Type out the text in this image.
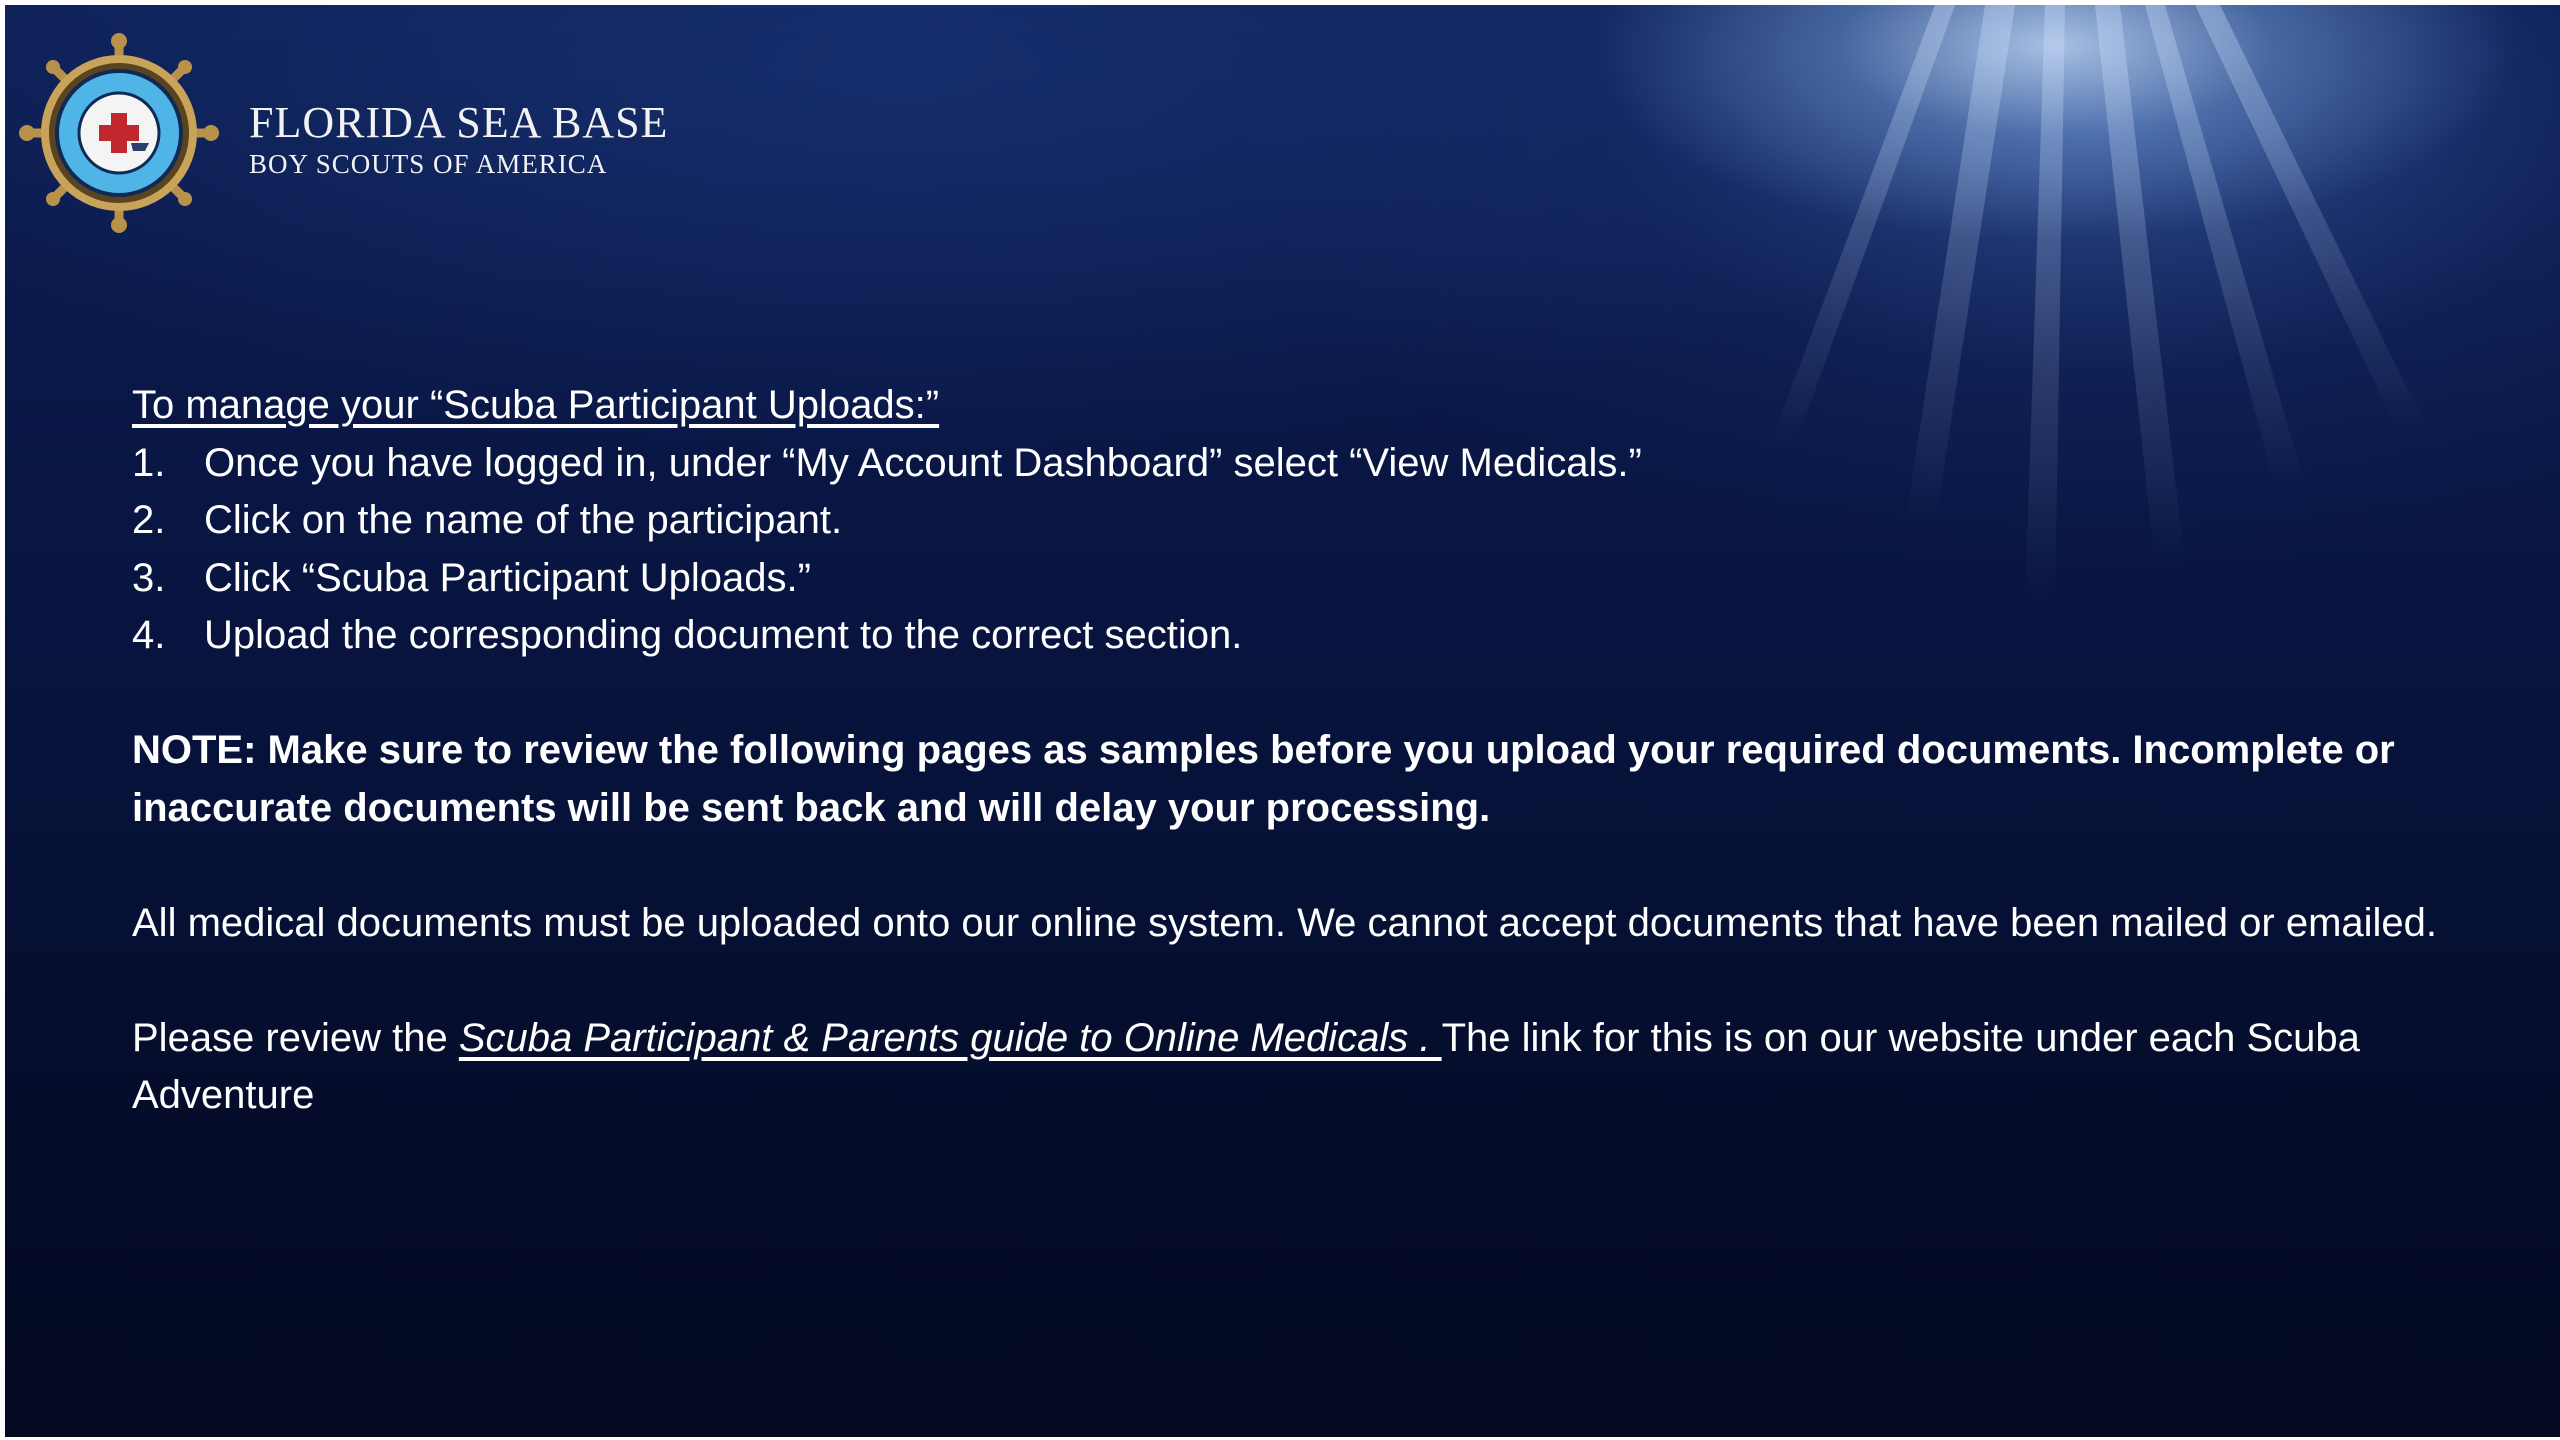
FLORIDA SEA BASE
BOY SCOUTS OF AMERICA
To manage your “Scuba Participant Uploads:”
1. Once you have logged in, under “My Account Dashboard” select “View Medicals.”
2. Click on the name of the participant.
3. Click “Scuba Participant Uploads.”
4. Upload the corresponding document to the correct section.
NOTE: Make sure to review the following pages as samples before you upload your required documents. Incomplete or inaccurate documents will be sent back and will delay your processing.
All medical documents must be uploaded onto our online system. We cannot accept documents that have been mailed or emailed.
Please review the Scuba Participant & Parents guide to Online Medicals . The link for this is on our website under each Scuba Adventure
